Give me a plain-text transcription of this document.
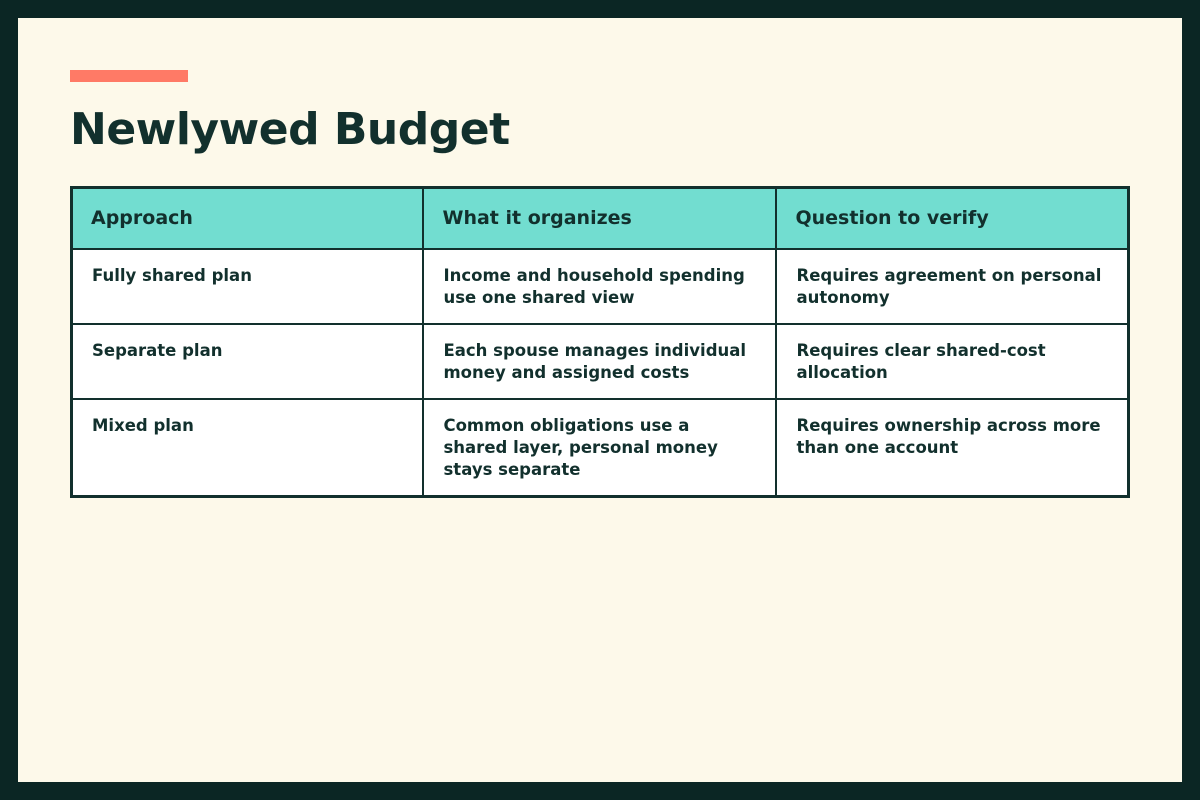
Newlywed Budget
Approach	What it organizes	Question to verify
Fully shared plan	Income and household spending use one shared view	Requires agreement on personal autonomy
Separate plan	Each spouse manages individual money and assigned costs	Requires clear shared-cost allocation
Mixed plan	Common obligations use a shared layer, personal money stays separate	Requires ownership across more than one account
